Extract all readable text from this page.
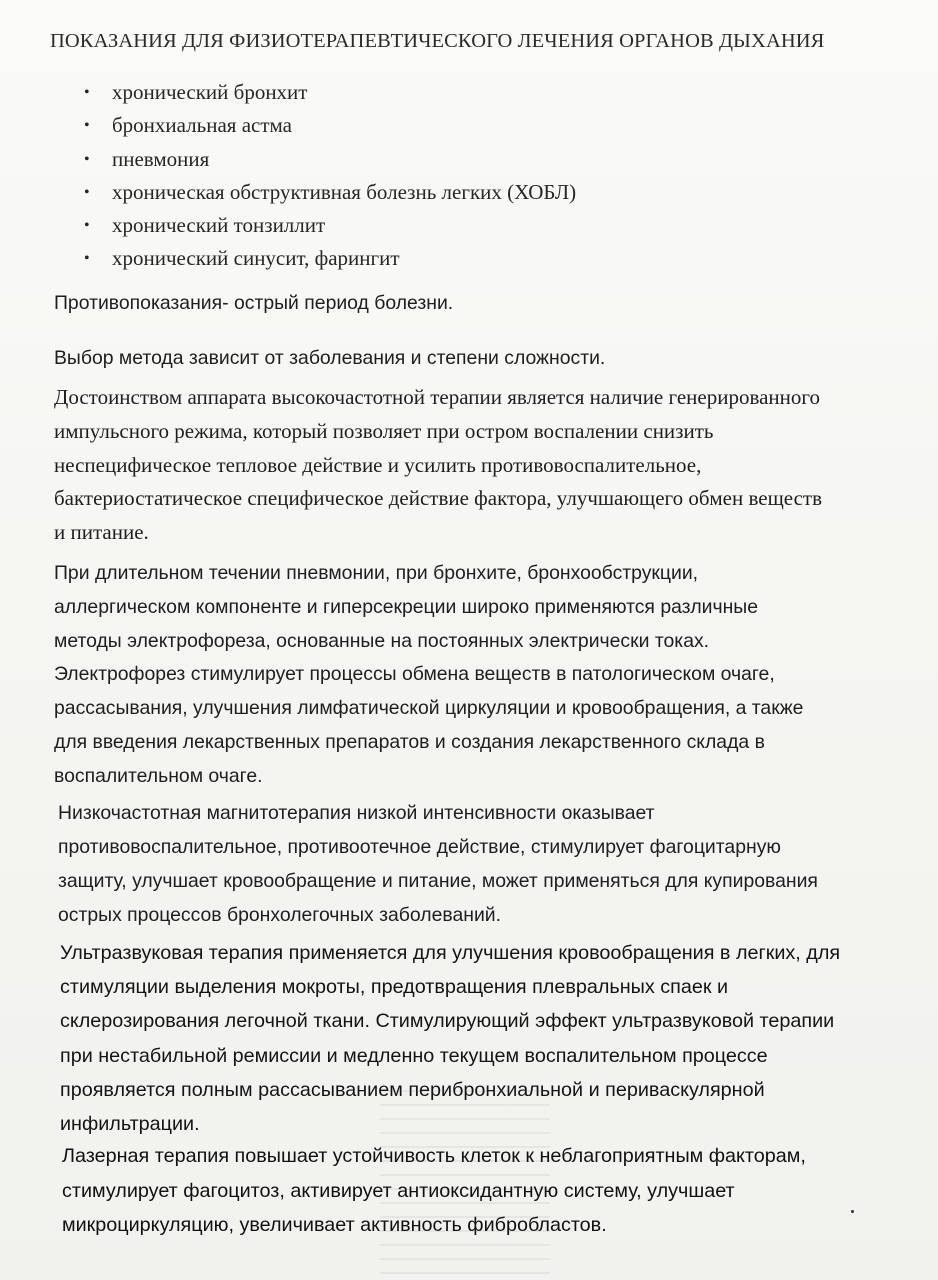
ПОКАЗАНИЯ ДЛЯ ФИЗИОТЕРАПЕВТИЧЕСКОГО ЛЕЧЕНИЯ ОРГАНОВ ДЫХАНИЯ
• хронический бронхит
• бронхиальная астма
• пневмония
• хроническая обструктивная болезнь легких (ХОБЛ)
• хронический тонзиллит
• хронический синусит, фарингит

Противопоказания- острый период болезни.

Выбор метода зависит от заболевания и степени сложности.

Достоинством аппарата высокочастотной терапии является наличие генерированного
импульсного режима, который позволяет при остром воспалении снизить
неспецифическое тепловое действие и усилить противовоспалительное,
бактериостатическое специфическое действие фактора, улучшающего обмен веществ
и питание.

При длительном течении пневмонии, при бронхите, бронхообструкции,
аллергическом компоненте и гиперсекреции широко применяются различные
методы электрофореза, основанные на постоянных электрически токах.
Электрофорез стимулирует процессы обмена веществ в патологическом очаге,
рассасывания, улучшения лимфатической циркуляции и кровообращения, а также
для введения лекарственных препаратов и создания лекарственного склада в
воспалительном очаге.

Низкочастотная магнитотерапия низкой интенсивности оказывает
противовоспалительное, противоотечное действие, стимулирует фагоцитарную
защиту, улучшает кровообращение и питание, может применяться для купирования
острых процессов бронхолегочных заболеваний.

Ультразвуковая терапия применяется для улучшения кровообращения в легких, для
стимуляции выделения мокроты, предотвращения плевральных спаек и
склерозирования легочной ткани. Стимулирующий эффект ультразвуковой терапии
при нестабильной ремиссии и медленно текущем воспалительном процессе
проявляется полным рассасыванием перибронхиальной и периваскулярной
инфильтрации.

Лазерная терапия повышает устойчивость клеток к неблагоприятным факторам,
стимулирует фагоцитоз, активирует антиоксидантную систему, улучшает
микроциркуляцию, увеличивает активность фибробластов.
